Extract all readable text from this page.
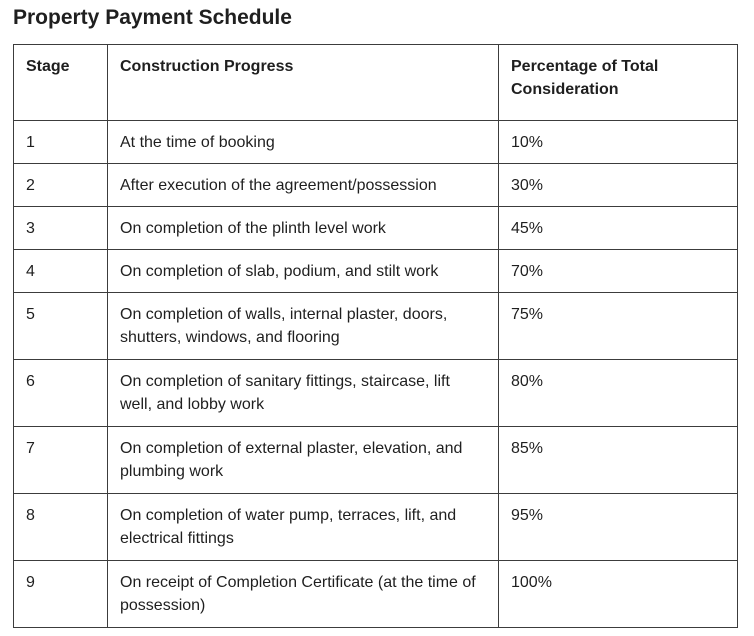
Property Payment Schedule
Stage	Construction Progress	Percentage of Total Consideration
1	At the time of booking	10%
2	After execution of the agreement/possession	30%
3	On completion of the plinth level work	45%
4	On completion of slab, podium, and stilt work	70%
5	On completion of walls, internal plaster, doors, shutters, windows, and flooring	75%
6	On completion of sanitary fittings, staircase, lift well, and lobby work	80%
7	On completion of external plaster, elevation, and plumbing work	85%
8	On completion of water pump, terraces, lift, and electrical fittings	95%
9	On receipt of Completion Certificate (at the time of possession)	100%
